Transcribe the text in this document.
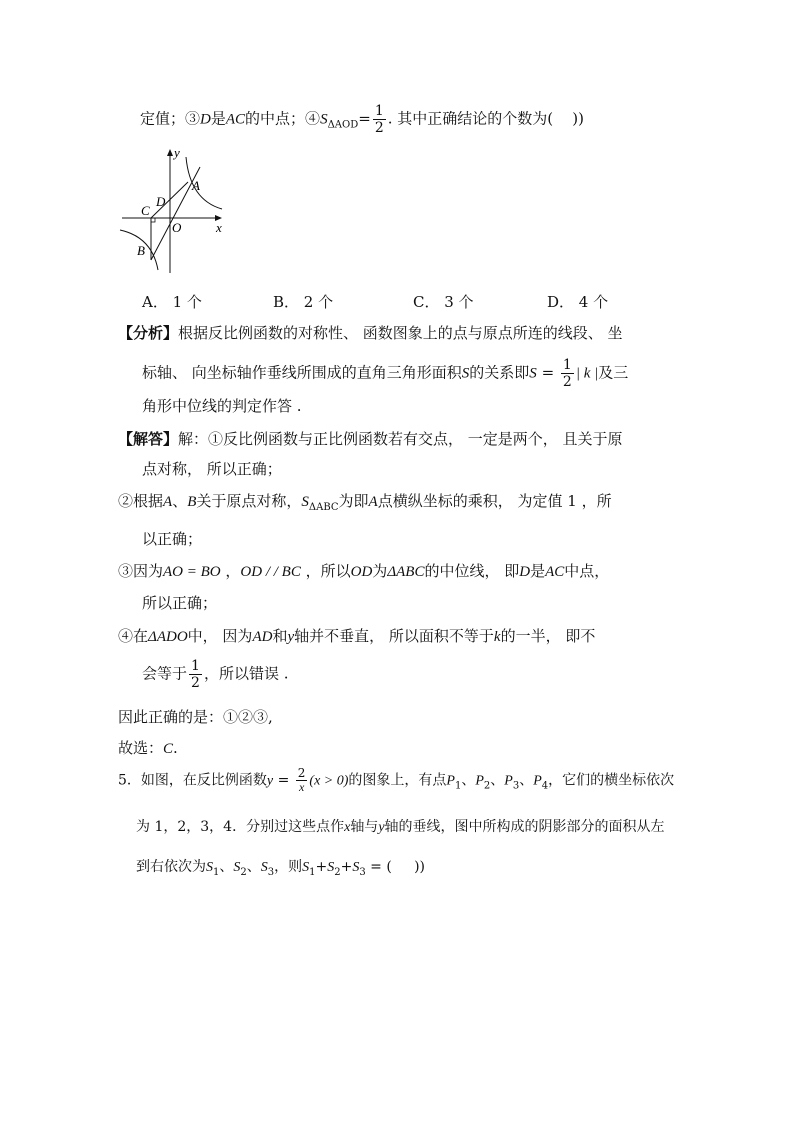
定值；③D是AC的中点；$④S_{\Delta AOD}= \frac{1}{2}$ . 其中正确结论的个数为(    ))
y
x
A
D
C
O
B
A． 1 个	B． 2 个	C． 3 个	D． 4 个
【分析】根据反比例函数的对称性、 函数图象上的点与原点所连的线段、 坐
标轴、 向坐标轴作垂线所围成的直角三角形面积S的关系即$S = \frac{1}{2}$ | k |及三
角形中位线的判定作答 .
【解答】解：①反比例函数与正比例函数若有交点， 一定是两个， 且关于原
点对称， 所以正确；
②根据A、B关于原点对称，$S_{\Delta ABC}$为即A点横纵坐标的乘积， 为定值 1 ，所
以正确；
③因为AO = BO ，OD / / BC ，所以OD为ΔABC的中位线， 即D是AC中点，
所以正确；
④在ΔADO中， 因为AD和y轴并不垂直， 所以面积不等于k的一半， 即不
会等于 $\frac{1}{2}$ ，所以错误 .
因此正确的是：①②③,
故选：C.
5．如图，在反比例函数$y = \frac{2}{x} (x > 0)$的图象上，有点$P_1$、$P_2$、$P_3$、$P_4$，它们的横坐标依次
为 1，2，3，4．分别过这些点作x轴与y轴的垂线，图中所构成的阴影部分的面积从左
到右依次为$S_1$、$S_2$、$S_3$，则$S_1+S_2+S_3$ = (     ))
